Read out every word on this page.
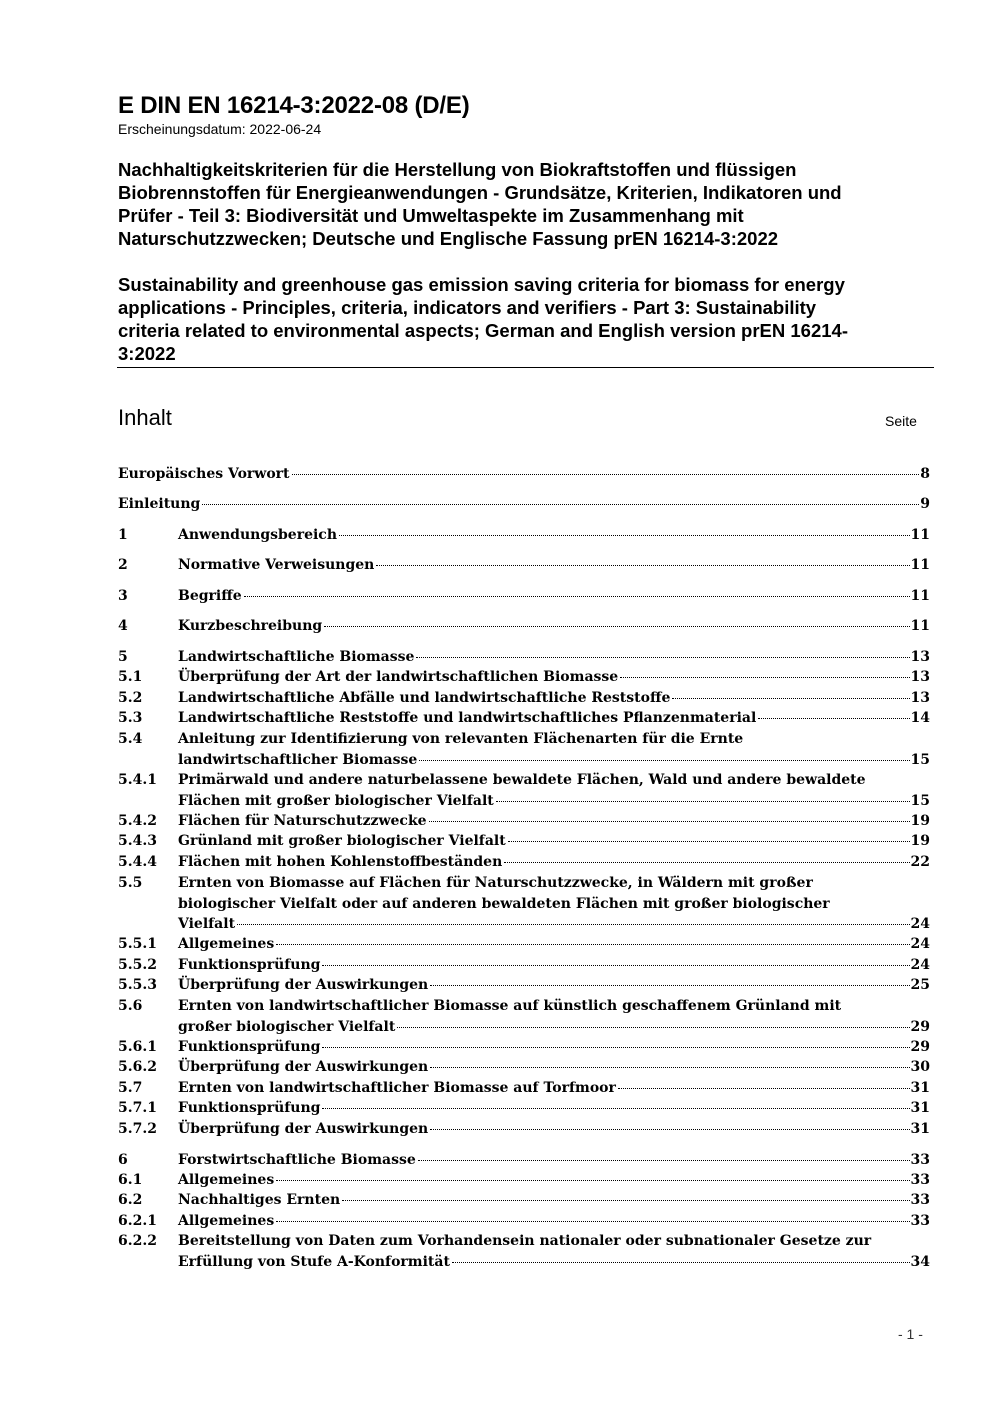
E DIN EN 16214-3:2022-08 (D/E)

Erscheinungsdatum: 2022-06-24

Nachhaltigkeitskriterien für die Herstellung von Biokraftstoffen und flüssigen
Biobrennstoffen für Energieanwendungen - Grundsätze, Kriterien, Indikatoren und
Prüfer - Teil 3: Biodiversität und Umweltaspekte im Zusammenhang mit
Naturschutzzwecken; Deutsche und Englische Fassung prEN 16214-3:2022

Sustainability and greenhouse gas emission saving criteria for biomass for energy
applications - Principles, criteria, indicators and verifiers - Part 3: Sustainability
criteria related to environmental aspects; German and English version prEN 16214-
3:2022

Inhalt	Seite
Europäisches Vorwort	8
Einleitung	9
1	Anwendungsbereich	11
2	Normative Verweisungen	11
3	Begriffe	11
4	Kurzbeschreibung	11
5	Landwirtschaftliche Biomasse	13
5.1	Überprüfung der Art der landwirtschaftlichen Biomasse	13
5.2	Landwirtschaftliche Abfälle und landwirtschaftliche Reststoffe	13
5.3	Landwirtschaftliche Reststoffe und landwirtschaftliches Pflanzenmaterial	14
5.4	Anleitung zur Identifizierung von relevanten Flächenarten für die Ernte
landwirtschaftlicher Biomasse	15
5.4.1 Primärwald und andere naturbelassene bewaldete Flächen, Wald und andere bewaldete
Flächen mit großer biologischer Vielfalt	15
5.4.2 Flächen für Naturschutzzwecke	19
5.4.3 Grünland mit großer biologischer Vielfalt	19
5.4.4 Flächen mit hohen Kohlenstoffbeständen	22
5.5	Ernten von Biomasse auf Flächen für Naturschutzzwecke, in Wäldern mit großer
biologischer Vielfalt oder auf anderen bewaldeten Flächen mit großer biologischer
Vielfalt	24
5.5.1 Allgemeines	24
5.5.2 Funktionsprüfung	24
5.5.3 Überprüfung der Auswirkungen	25
5.6	Ernten von landwirtschaftlicher Biomasse auf künstlich geschaffenem Grünland mit
großer biologischer Vielfalt	29
5.6.1 Funktionsprüfung	29
5.6.2 Überprüfung der Auswirkungen	30
5.7	Ernten von landwirtschaftlicher Biomasse auf Torfmoor	31
5.7.1 Funktionsprüfung	31
5.7.2 Überprüfung der Auswirkungen	31
6	Forstwirtschaftliche Biomasse	33
6.1	Allgemeines	33
6.2	Nachhaltiges Ernten	33
6.2.1 Allgemeines	33
6.2.2 Bereitstellung von Daten zum Vorhandensein nationaler oder subnationaler Gesetze zur
Erfüllung von Stufe A-Konformität	34
- 1 -
